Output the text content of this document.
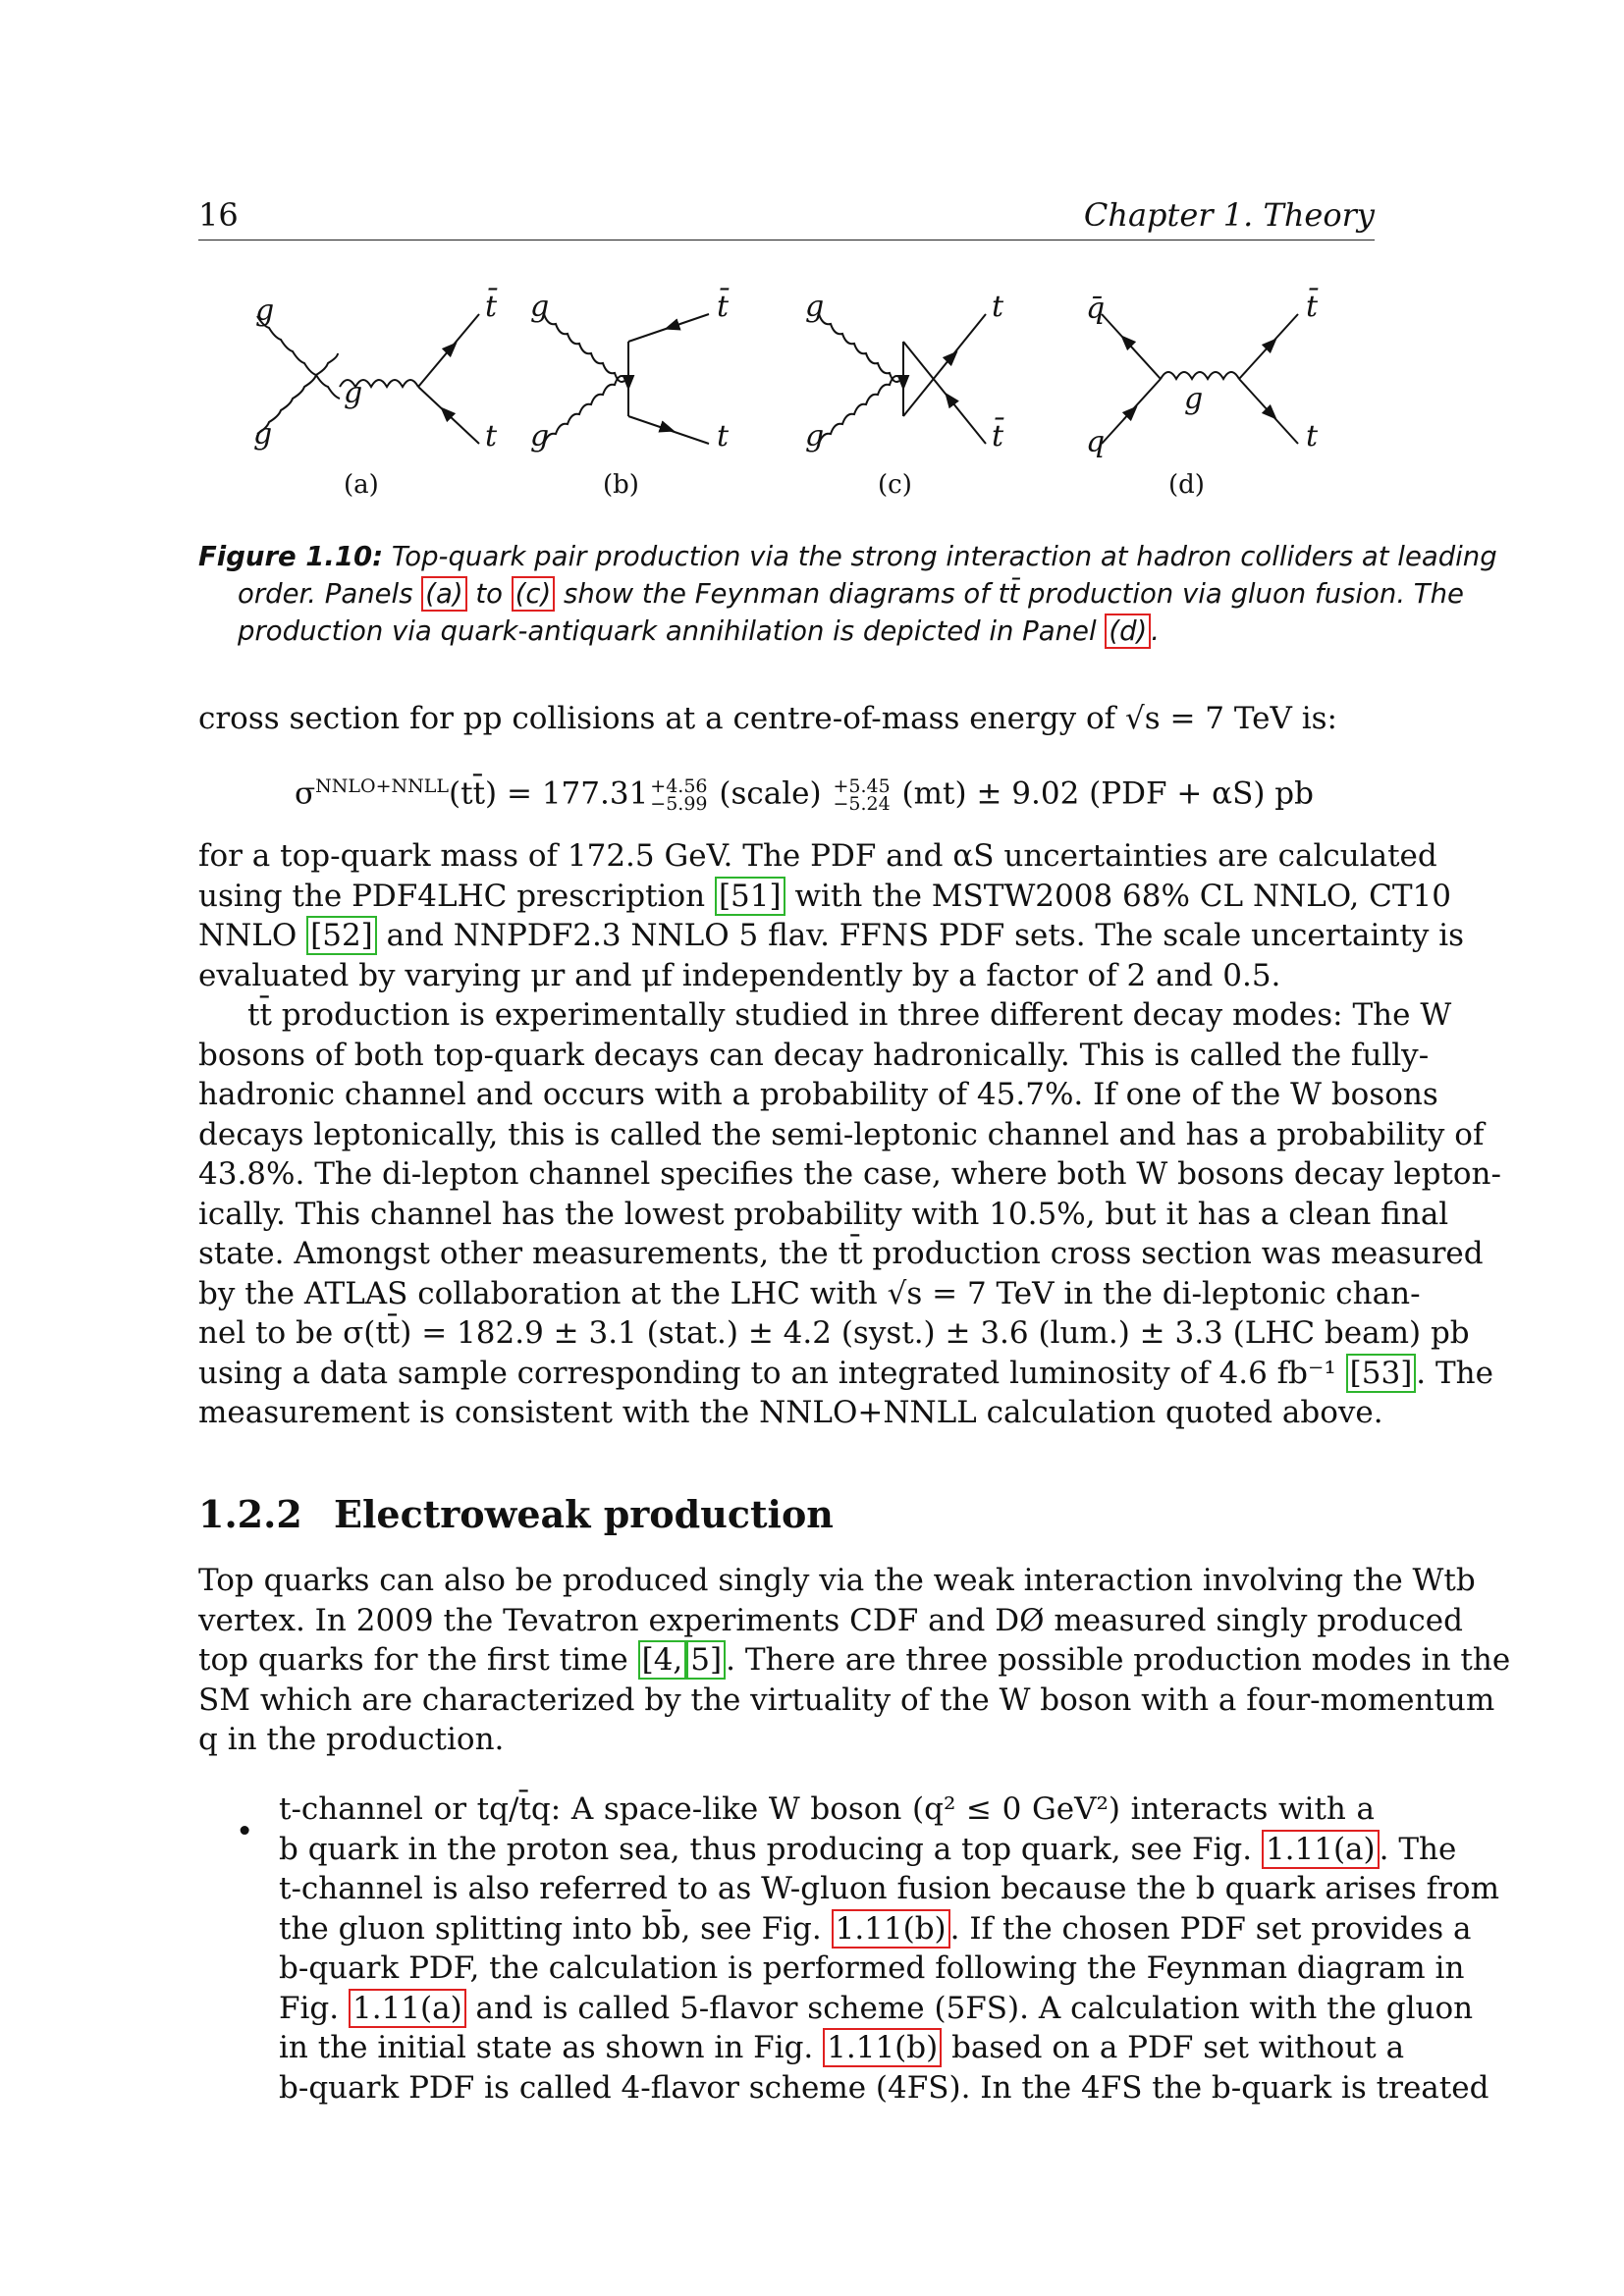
16	Chapter 1. Theory
g
g
g
t̄
t
(a)
g
g
t̄
t
(b)
g
g
t
t̄
(c)
q̄
q
g
t̄
t
(d)
Figure 1.10: Top-quark pair production via the strong interaction at hadron colliders at leading
order. Panels (a) to (c) show the Feynman diagrams of tt̄ production via gluon fusion. The
production via quark-antiquark annihilation is depicted in Panel (d) .
cross section for pp collisions at a centre-of-mass energy of √s = 7 TeV is:
$\sigma^{NNLO+NNLL}(tt̄) = 177.31 +4.56$
−5.99 (scale) +5.45
−5.24 (mt) ± 9.02 (PDF + αS) pb
for a top-quark mass of 172.5 GeV. The PDF and αS uncertainties are calculated
using the PDF4LHC prescription [51] with the MSTW2008 68% CL NNLO, CT10
NNLO [52] and NNPDF2.3 NNLO 5 flav. FFNS PDF sets. The scale uncertainty is
evaluated by varying μr and μf independently by a factor of 2 and 0.5.
tt̄ production is experimentally studied in three different decay modes: The W
bosons of both top-quark decays can decay hadronically. This is called the fully-
hadronic channel and occurs with a probability of 45.7%. If one of the W bosons
decays leptonically, this is called the semi-leptonic channel and has a probability of
43.8%. The di-lepton channel specifies the case, where both W bosons decay lepton-
ically. This channel has the lowest probability with 10.5%, but it has a clean final
state. Amongst other measurements, the tt̄ production cross section was measured
by the ATLAS collaboration at the LHC with √s = 7 TeV in the di-leptonic chan-
nel to be σ(tt̄) = 182.9 ± 3.1 (stat.) ± 4.2 (syst.) ± 3.6 (lum.) ± 3.3 (LHC beam) pb
using a data sample corresponding to an integrated luminosity of 4.6 fb⁻¹ [53] . The
measurement is consistent with the NNLO+NNLL calculation quoted above.
1.2.2 Electroweak production
Top quarks can also be produced singly via the weak interaction involving the Wtb
vertex. In 2009 the Tevatron experiments CDF and DØ measured singly produced
top quarks for the first time [4, 5] . There are three possible production modes in the
SM which are characterized by the virtuality of the W boson with a four-momentum
q in the production.
•
t-channel or tq/t̄q: A space-like W boson (q² ≤ 0 GeV²) interacts with a
b quark in the proton sea, thus producing a top quark, see Fig. 1.11(a) . The
t-channel is also referred to as W-gluon fusion because the b quark arises from
the gluon splitting into bb̄, see Fig. 1.11(b) . If the chosen PDF set provides a
b-quark PDF, the calculation is performed following the Feynman diagram in
Fig. 1.11(a) and is called 5-flavor scheme (5FS). A calculation with the gluon
in the initial state as shown in Fig. 1.11(b) based on a PDF set without a
b-quark PDF is called 4-flavor scheme (4FS). In the 4FS the b-quark is treated
